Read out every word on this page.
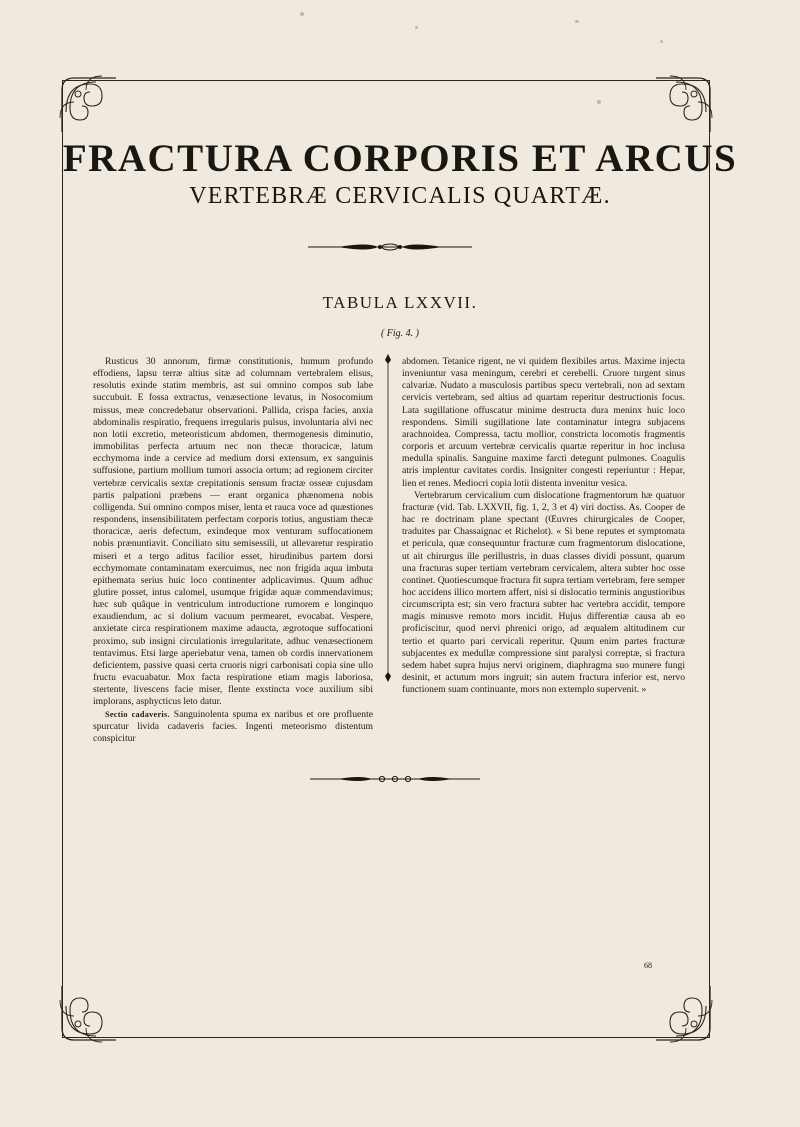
FRACTURA CORPORIS ET ARCUS
VERTEBRÆ CERVICALIS QUARTÆ.
TABULA LXXVII.
( Fig. 4. )

Rusticus 30 annorum, firmæ constitutionis, humum profundo effodiens, lapsu terræ altius sitæ ad columnam vertebralem elisus, resolutis exinde statim membris, ast sui omnino compos sub labe succubuit. E fossa extractus, venæsectione levatus, in Nosocomium missus, meæ concredebatur observationi. Pallida, crispa facies, anxia abdominalis respiratio, frequens irregularis pulsus, involuntaria alvi nec non lotii excretio, meteoristicum abdomen, thermogenesis diminutio, immobilitas perfecta artuum nec non thecæ thoracicæ, latum ecchymoma inde a cervice ad medium dorsi extensum, ex sanguinis suffusione, partium mollium tumori associa ortum; ad regionem circiter vertebræ cervicalis sextæ crepitationis sensum fractæ osseæ cujusdam partis palpationi præbens — erant organica phænomena nobis colligenda. Sui omnino compos miser, lenta et rauca voce ad quæstiones respondens, insensibilitatem perfectam corporis totius, angustiam thecæ thoracicæ, aeris defectum, exindeque mox venturam suffocationem nobis prænuntiavit. Conciliato situ semisessili, ut allevaretur respiratio miseri et a tergo aditus facilior esset, hirudinibus partem dorsi ecchymomate contaminatam exercuimus, nec non frigida aqua imbuta epithemata serius huic loco continenter adplicavimus. Quum adhuc glutire posset, intus calomel, usumque frigidæ aquæ commendavimus; hæc sub quâque in ventriculum introductione rumorem e longinquo exaudiendum, ac si dolium vacuum permearet, evocabat. Vespere, anxietate circa respirationem maxime adaucta, ægrotoque suffocationi proximo, sub insigni circulationis irregularitate, adhuc venæsectionem tentavimus. Etsi large aperiebatur vena, tamen ob cordis innervationem deficientem, passive quasi certa cruoris nigri carbonisati copia sine ullo fructu evacuabatur. Mox facta respiratione etiam magis laboriosa, stertente, livescens facie miser, flente exstincta voce auxilium sibi implorans, asphycticus leto datur.

Sectio cadaveris. Sanguinolenta spuma ex naribus et ore profluente spurcatur livida cadaveris facies. Ingenti meteorismo distentum conspicitur

abdomen. Tetanice rigent, ne vi quidem flexibiles artus. Maxime injecta inveniuntur vasa meningum, cerebri et cerebelli. Cruore turgent sinus calvariæ. Nudato a musculosis partibus specu vertebrali, non ad sextam cervicis vertebram, sed altius ad quartam reperitur destructionis focus. Lata sugillatione offuscatur minime destructa dura meninx huic loco respondens. Simili sugillatione late contaminatur integra subjacens arachnoidea. Compressa, tactu mollior, constricta locomotis fragmentis corporis et arcuum vertebræ cervicalis quartæ reperitur in hoc inclusa medulla spinalis. Sanguine maxime farcti detegunt pulmones. Coagulis atris implentur cavitates cordis. Insigniter congesti reperiuntur : Hepar, lien et renes. Mediocri copia lotii distenta invenitur vesica.

Vertebrarum cervicalium cum dislocatione fragmentorum hæ quatuor fracturæ (vid. Tab. LXXVII, fig. 1, 2, 3 et 4) viri doctiss. As. Cooper de hac re doctrinam plane spectant (Œuvres chirurgicales de Cooper, traduites par Chassaignac et Richelot). « Si bene reputes et symptomata et pericula, quæ consequuntur fracturæ cum fragmentorum dislocatione, ut ait chirurgus ille perillustris, in duas classes dividi possunt, quarum una fracturas super tertiam vertebram cervicalem, altera subter hoc osse continet. Quotiescumque fractura fit supra tertiam vertebram, fere semper hoc accidens illico mortem affert, nisi si dislocatio terminis angustioribus circumscripta est; sin vero fractura subter hac vertebra accidit, tempore magis minusve remoto mors incidit. Hujus differentiæ causa ab eo proficiscitur, quod nervi phrenici origo, ad æqualem altitudinem cur tertio et quarto pari cervicali reperitur. Quum enim partes fracturæ subjacentes ex medullæ compressione sint paralysi correptæ, si fractura sedem habet supra hujus nervi originem, diaphragma suo munere fungi desinit, et actutum mors ingruit; sin autem fractura inferior est, nervo functionem suam continuante, mors non extemplo supervenit. »

68
